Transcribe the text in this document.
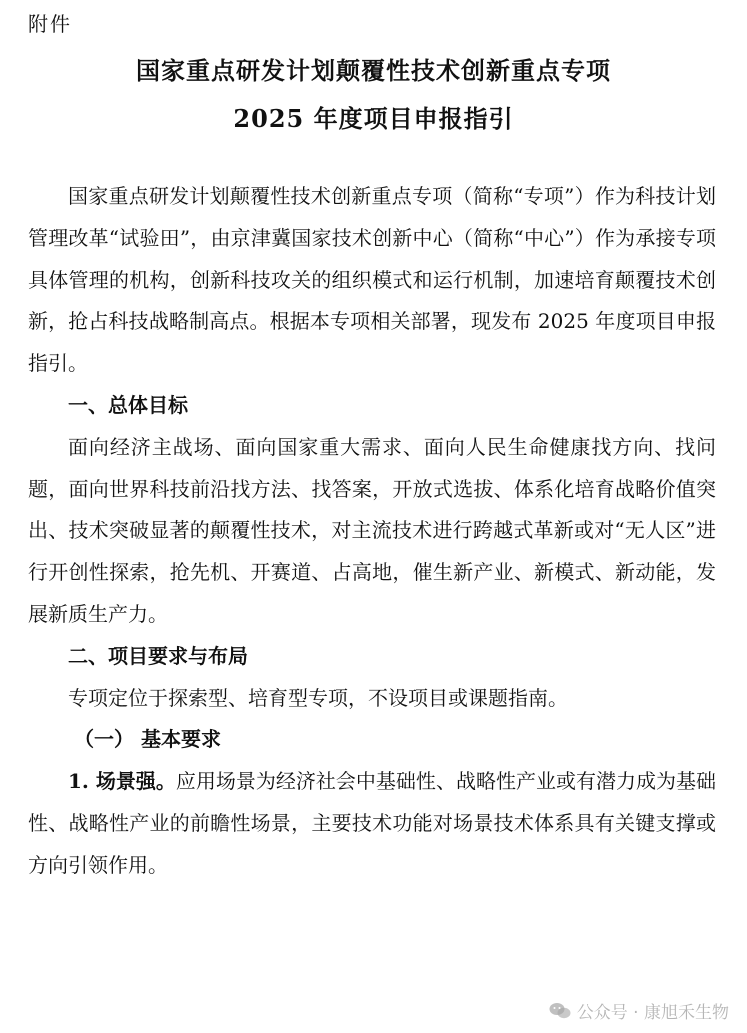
附件
国家重点研发计划颠覆性技术创新重点专项
2025 年度项目申报指引

国家重点研发计划颠覆性技术创新重点专项（简称“专项”）作为科技计划管理改革“试验田”，由京津冀国家技术创新中心（简称“中心”）作为承接专项具体管理的机构，创新科技攻关的组织模式和运行机制，加速培育颠覆技术创新，抢占科技战略制高点。根据本专项相关部署，现发布 2025 年度项目申报指引。

一、总体目标

面向经济主战场、面向国家重大需求、面向人民生命健康找方向、找问题，面向世界科技前沿找方法、找答案，开放式选拔、体系化培育战略价值突出、技术突破显著的颠覆性技术，对主流技术进行跨越式革新或对“无人区”进行开创性探索，抢先机、开赛道、占高地，催生新产业、新模式、新动能，发展新质生产力。

二、项目要求与布局

专项定位于探索型、培育型专项，不设项目或课题指南。

（一） 基本要求

1. 场景强。应用场景为经济社会中基础性、战略性产业或有潜力成为基础性、战略性产业的前瞻性场景，主要技术功能对场景技术体系具有关键支撑或方向引领作用。

公众号 · 康旭禾生物
